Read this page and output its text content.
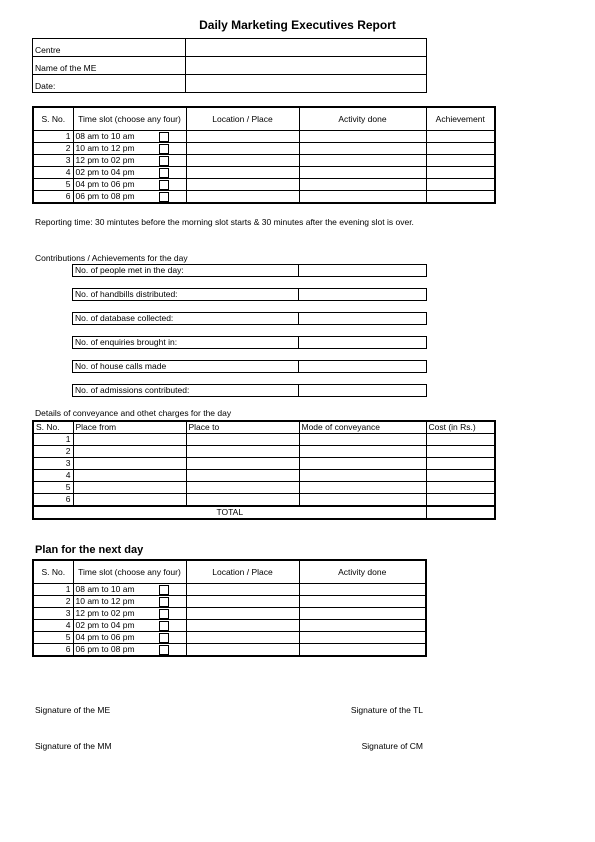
Daily Marketing Executives Report
Centre	
Name of the ME	
Date:	
S. No.	Time slot (choose any four)	Location / Place	Activity done	Achievement
1	08 am to 10 am

2	10 am to 12 pm

3	12 pm to 02 pm

4	02 pm to 04 pm

5	04 pm to 06 pm

6	06 pm to 08 pm

Reporting time: 30 mintutes before the morning slot starts & 30 minutes after the evening slot is over.
Contributions / Achievements for the day
No. of people met in the day:	
No. of handbills distributed:	
No. of database collected:	
No. of enquiries brought in:	
No. of house calls made	
No. of admissions contributed:	
Details of conveyance and othet charges for the day
S. No.	Place from	Place to	Mode of conveyance	Cost (in Rs.)
1				
2				
3				
4				
5				
6				
TOTAL				
Plan for the next day
S. No.	Time slot (choose any four)	Location / Place	Activity done
1	08 am to 10 am

2	10 am to 12 pm

3	12 pm to 02 pm

4	02 pm to 04 pm

5	04 pm to 06 pm

6	06 pm to 08 pm

Signature of the ME	Signature of the TL
Signature of the MM	Signature of CM
